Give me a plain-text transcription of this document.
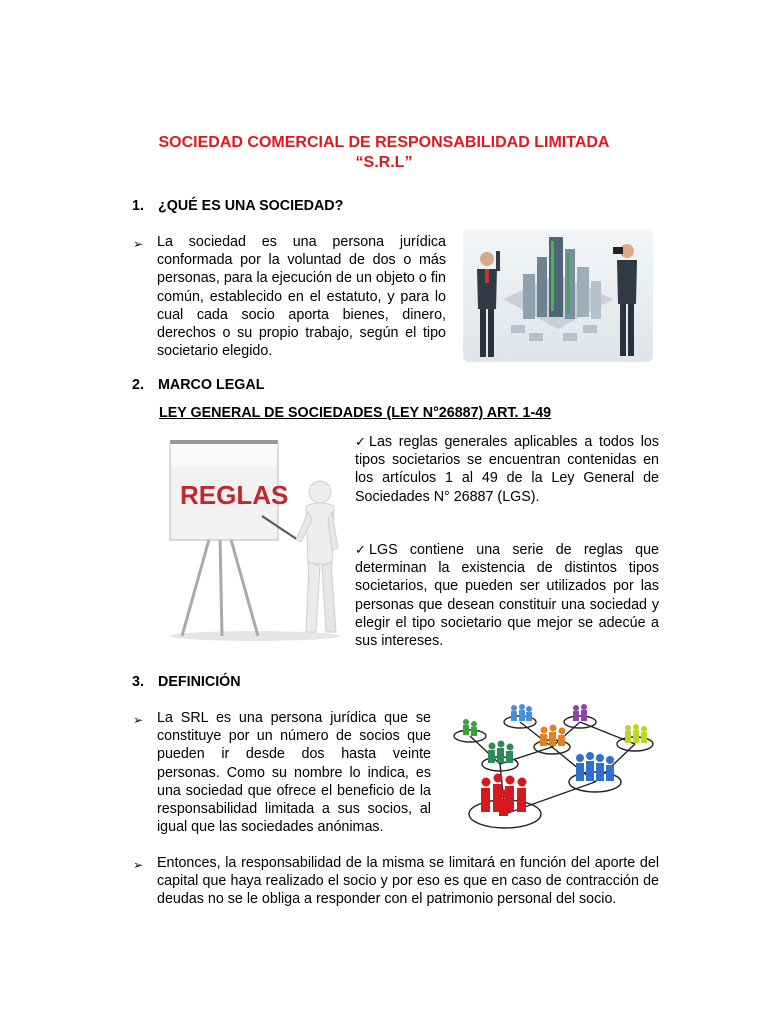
SOCIEDAD COMERCIAL DE RESPONSABILIDAD LIMITADA
“S.R.L”
1. ¿QUÉ ES UNA SOCIEDAD?
➢ La sociedad es una persona jurídica conformada por la voluntad de dos o más personas, para la ejecución de un objeto o fin común, establecido en el estatuto, y para lo cual cada socio aporta bienes, dinero, derechos o su propio trabajo, según el tipo societario elegido.
2. MARCO LEGAL
LEY GENERAL DE SOCIEDADES (LEY N°26887) ART. 1-49
REGLAS
✓ Las reglas generales aplicables a todos los tipos societarios se encuentran contenidas en los artículos 1 al 49 de la Ley General de Sociedades N° 26887 (LGS).
✓ LGS contiene una serie de reglas que determinan la existencia de distintos tipos societarios, que pueden ser utilizados por las personas que desean constituir una sociedad y elegir el tipo societario que mejor se adecúe a sus intereses.
3. DEFINICIÓN
➢ La SRL es una persona jurídica que se constituye por un número de socios que pueden ir desde dos hasta veinte personas. Como su nombre lo indica, es una sociedad que ofrece el beneficio de la responsabilidad limitada a sus socios, al igual que las sociedades anónimas.
➢ Entonces, la responsabilidad de la misma se limitará en función del aporte del capital que haya realizado el socio y por eso es que en caso de contracción de deudas no se le obliga a responder con el patrimonio personal del socio.
